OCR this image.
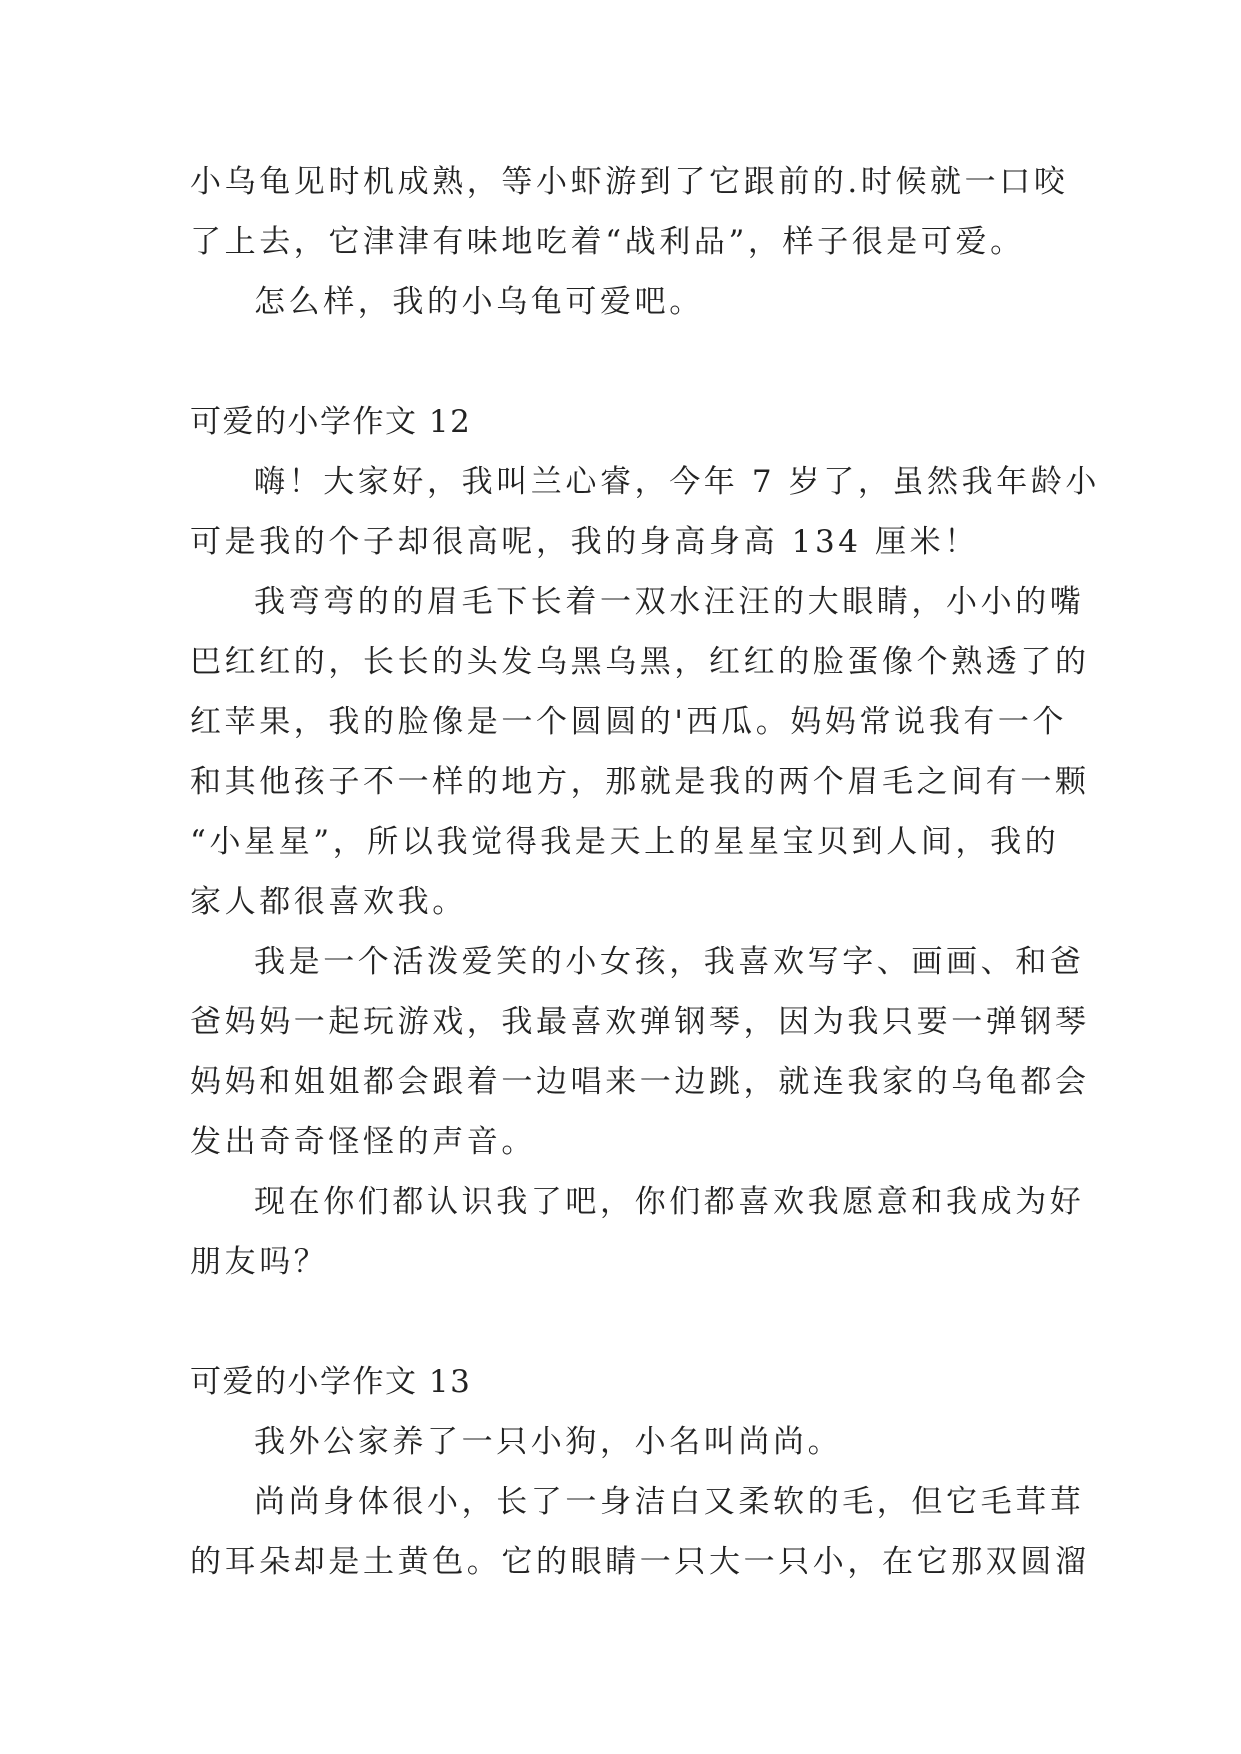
小乌龟见时机成熟，等小虾游到了它跟前的.时候就一口咬
了上去，它津津有味地吃着“战利品”，样子很是可爱。
怎么样，我的小乌龟可爱吧。
可爱的小学作文 12
嗨！大家好，我叫兰心睿，今年 7 岁了，虽然我年龄小
可是我的个子却很高呢，我的身高身高 134 厘米！
我弯弯的的眉毛下长着一双水汪汪的大眼睛，小小的嘴
巴红红的，长长的头发乌黑乌黑，红红的脸蛋像个熟透了的
红苹果，我的脸像是一个圆圆的'西瓜。妈妈常说我有一个
和其他孩子不一样的地方，那就是我的两个眉毛之间有一颗
“小星星”，所以我觉得我是天上的星星宝贝到人间，我的
家人都很喜欢我。
我是一个活泼爱笑的小女孩，我喜欢写字、画画、和爸
爸妈妈一起玩游戏，我最喜欢弹钢琴，因为我只要一弹钢琴
妈妈和姐姐都会跟着一边唱来一边跳，就连我家的乌龟都会
发出奇奇怪怪的声音。
现在你们都认识我了吧，你们都喜欢我愿意和我成为好
朋友吗？
可爱的小学作文 13
我外公家养了一只小狗，小名叫尚尚。
尚尚身体很小，长了一身洁白又柔软的毛，但它毛茸茸
的耳朵却是土黄色。它的眼睛一只大一只小，在它那双圆溜
